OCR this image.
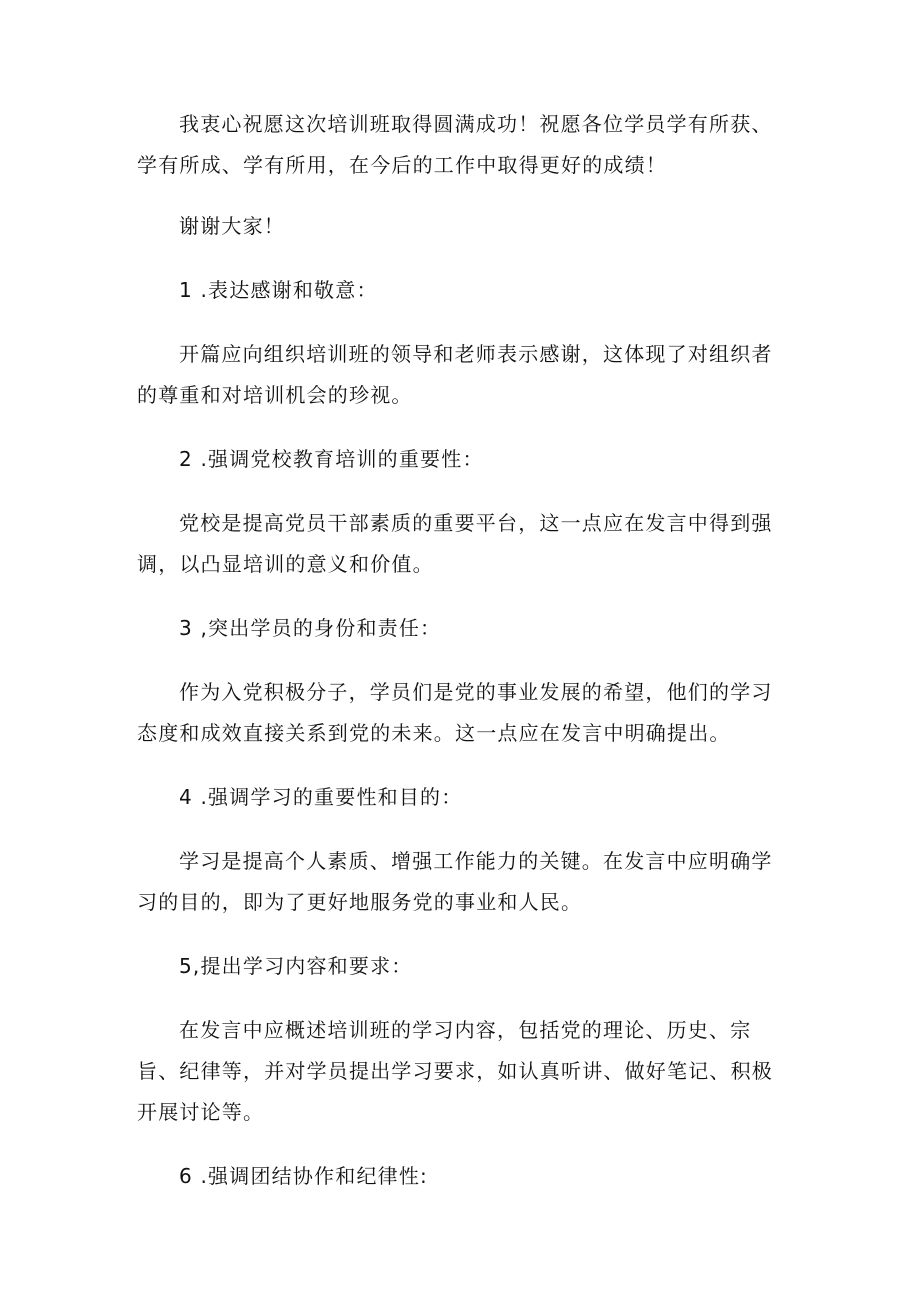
我衷心祝愿这次培训班取得圆满成功！祝愿各位学员学有所获、学有所成、学有所用，在今后的工作中取得更好的成绩！

谢谢大家！

1 .表达感谢和敬意：

开篇应向组织培训班的领导和老师表示感谢，这体现了对组织者的尊重和对培训机会的珍视。

2 .强调党校教育培训的重要性：

党校是提高党员干部素质的重要平台，这一点应在发言中得到强调，以凸显培训的意义和价值。

3 ,突出学员的身份和责任：

作为入党积极分子，学员们是党的事业发展的希望，他们的学习态度和成效直接关系到党的未来。这一点应在发言中明确提出。

4 .强调学习的重要性和目的：

学习是提高个人素质、增强工作能力的关键。在发言中应明确学习的目的，即为了更好地服务党的事业和人民。

5,提出学习内容和要求：

在发言中应概述培训班的学习内容，包括党的理论、历史、宗旨、纪律等，并对学员提出学习要求，如认真听讲、做好笔记、积极开展讨论等。

6 .强调团结协作和纪律性:
